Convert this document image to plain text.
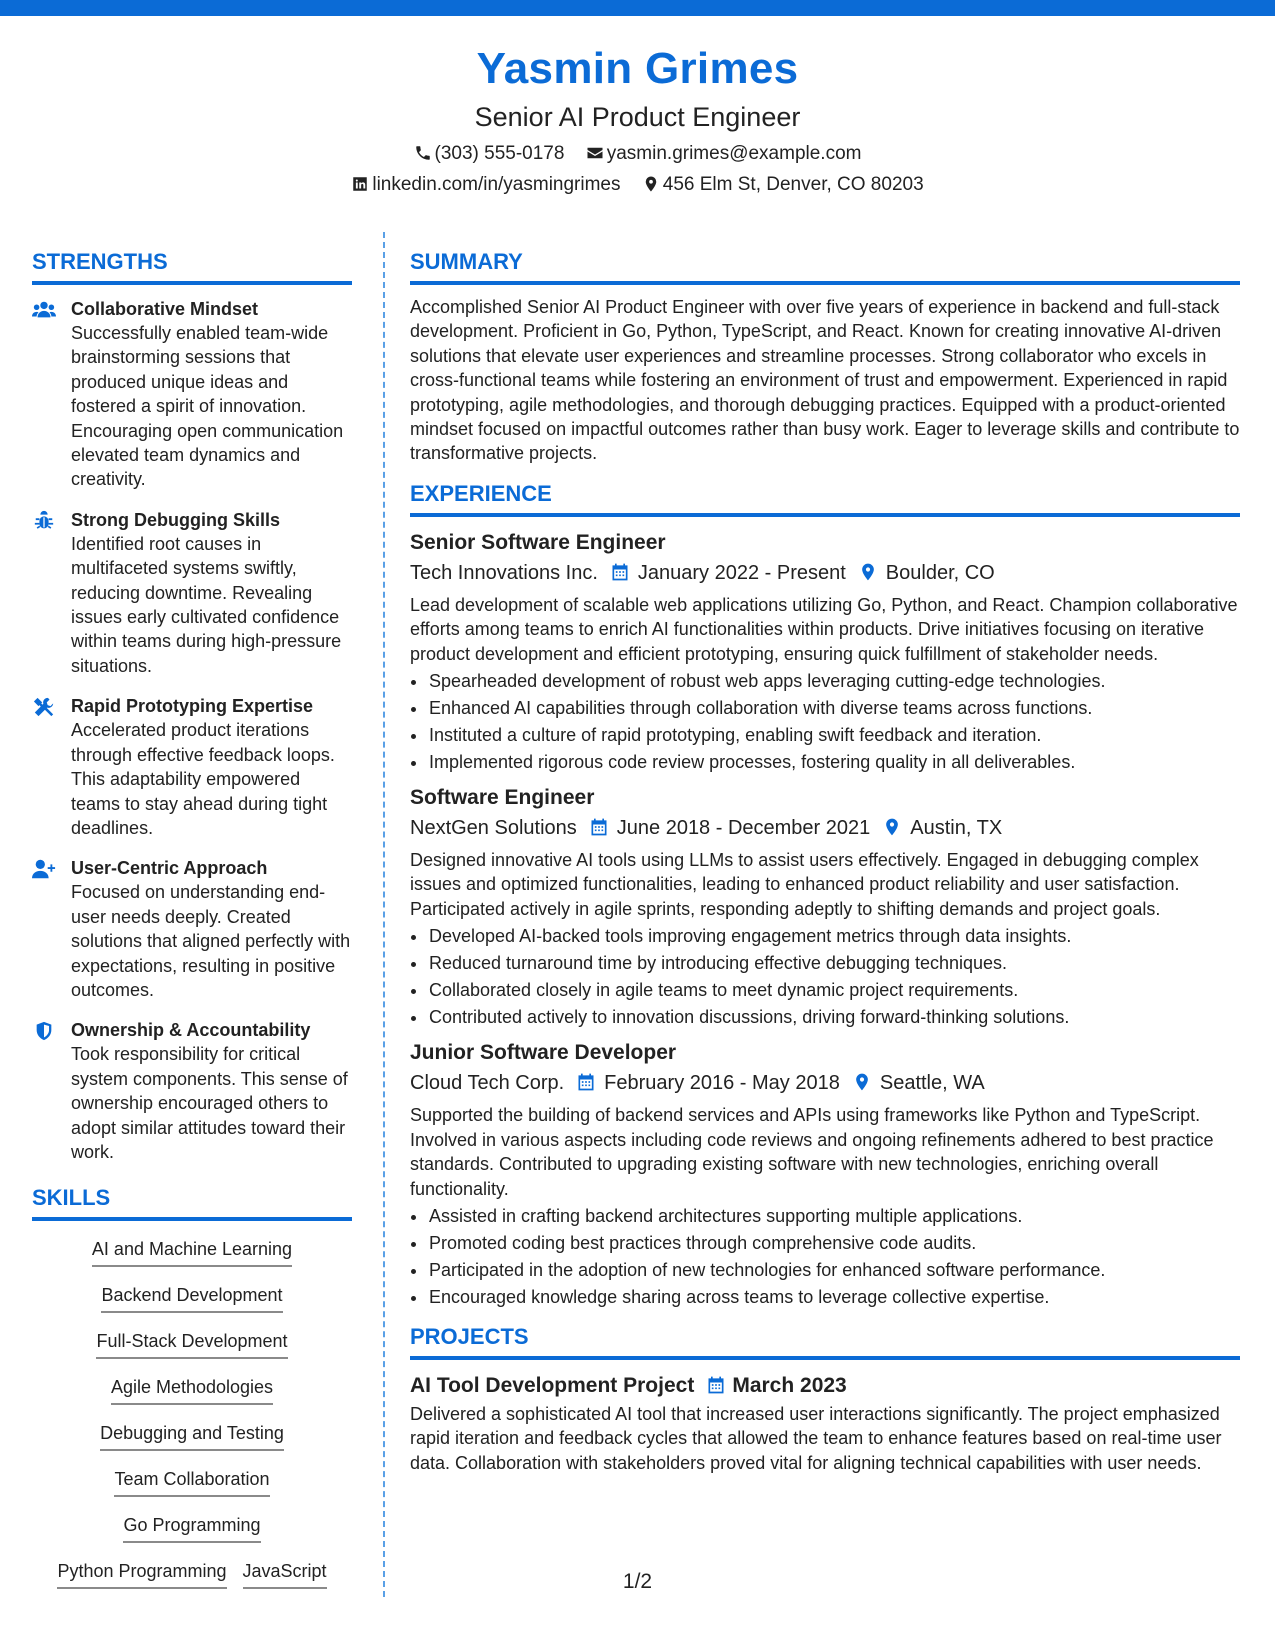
Yasmin Grimes
Senior AI Product Engineer
(303) 555-0178 yasmin.grimes@example.com
linkedin.com/in/yasmingrimes 456 Elm St, Denver, CO 80203
STRENGTHS
Collaborative Mindset
Successfully enabled team-wide brainstorming sessions that produced unique ideas and fostered a spirit of innovation. Encouraging open communication elevated team dynamics and creativity.
Strong Debugging Skills
Identified root causes in multifaceted systems swiftly, reducing downtime. Revealing issues early cultivated confidence within teams during high-pressure situations.
Rapid Prototyping Expertise
Accelerated product iterations through effective feedback loops. This adaptability empowered teams to stay ahead during tight deadlines.
User-Centric Approach
Focused on understanding end-user needs deeply. Created solutions that aligned perfectly with expectations, resulting in positive outcomes.
Ownership & Accountability
Took responsibility for critical system components. This sense of ownership encouraged others to adopt similar attitudes toward their work.
SKILLS
AI and Machine Learning
Backend Development
Full-Stack Development
Agile Methodologies
Debugging and Testing
Team Collaboration
Go Programming
Python Programming JavaScript
SUMMARY
Accomplished Senior AI Product Engineer with over five years of experience in backend and full-stack development. Proficient in Go, Python, TypeScript, and React. Known for creating innovative AI-driven solutions that elevate user experiences and streamline processes. Strong collaborator who excels in cross-functional teams while fostering an environment of trust and empowerment. Experienced in rapid prototyping, agile methodologies, and thorough debugging practices. Equipped with a product-oriented mindset focused on impactful outcomes rather than busy work. Eager to leverage skills and contribute to transformative projects.
EXPERIENCE
Senior Software Engineer
Tech Innovations Inc. January 2022 - Present Boulder, CO
Lead development of scalable web applications utilizing Go, Python, and React. Champion collaborative efforts among teams to enrich AI functionalities within products. Drive initiatives focusing on iterative product development and efficient prototyping, ensuring quick fulfillment of stakeholder needs.
• Spearheaded development of robust web apps leveraging cutting-edge technologies.
• Enhanced AI capabilities through collaboration with diverse teams across functions.
• Instituted a culture of rapid prototyping, enabling swift feedback and iteration.
• Implemented rigorous code review processes, fostering quality in all deliverables.
Software Engineer
NextGen Solutions June 2018 - December 2021 Austin, TX
Designed innovative AI tools using LLMs to assist users effectively. Engaged in debugging complex issues and optimized functionalities, leading to enhanced product reliability and user satisfaction. Participated actively in agile sprints, responding adeptly to shifting demands and project goals.
• Developed AI-backed tools improving engagement metrics through data insights.
• Reduced turnaround time by introducing effective debugging techniques.
• Collaborated closely in agile teams to meet dynamic project requirements.
• Contributed actively to innovation discussions, driving forward-thinking solutions.
Junior Software Developer
Cloud Tech Corp. February 2016 - May 2018 Seattle, WA
Supported the building of backend services and APIs using frameworks like Python and TypeScript. Involved in various aspects including code reviews and ongoing refinements adhered to best practice standards. Contributed to upgrading existing software with new technologies, enriching overall functionality.
• Assisted in crafting backend architectures supporting multiple applications.
• Promoted coding best practices through comprehensive code audits.
• Participated in the adoption of new technologies for enhanced software performance.
• Encouraged knowledge sharing across teams to leverage collective expertise.
PROJECTS
AI Tool Development Project March 2023
Delivered a sophisticated AI tool that increased user interactions significantly. The project emphasized rapid iteration and feedback cycles that allowed the team to enhance features based on real-time user data. Collaboration with stakeholders proved vital for aligning technical capabilities with user needs.
1/2
